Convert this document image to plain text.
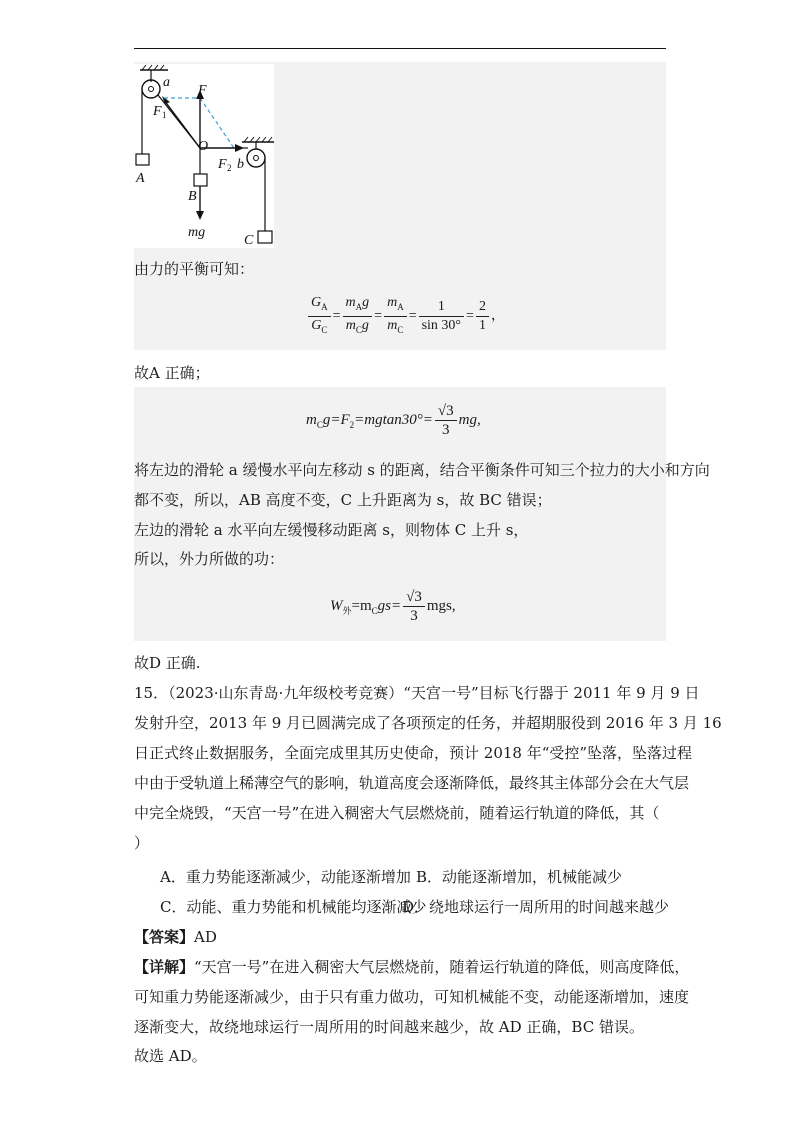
a
F
F 1
O
F 2 b
A
B
mg
C
由力的平衡可知：
$\frac{G_A}{G_C} = \frac{m_Ag}{m_Cg} = \frac{m_A}{m_C} = \frac{1}{\sin 30^\circ} = \frac{2}{1}$ ，
故A 正确；
$m_Cg=F_2=mgtan30^\circ= \frac{√3}{3}$ mg,
将左边的滑轮 a 缓慢水平向左移动 s 的距离，结合平衡条件可知三个拉力的大小和方向
都不变，所以，AB 高度不变，C 上升距离为 s，故 BC 错误；
左边的滑轮 a 水平向左缓慢移动距离 s，则物体 C 上升 s，
所以，外力所做的功：
$W_外=m_Cgs= \frac{√3}{3}$ mgs,
故D 正确.
15．（2023·山东青岛·九年级校考竞赛）“天宫一号”目标飞行器于 2011 年 9 月 9 日
发射升空，2013 年 9 月已圆满完成了各项预定的任务，并超期服役到 2016 年 3 月 16
日正式终止数据服务，全面完成里其历史使命，预计 2018 年“受控”坠落，坠落过程
中由于受轨道上稀薄空气的影响，轨道高度会逐渐降低，最终其主体部分会在大气层
中完全烧毁，“天宫一号”在进入稠密大气层燃烧前，随着运行轨道的降低，其（
）
A．重力势能逐渐减少，动能逐渐增加 B．动能逐渐增加，机械能减少
C．动能、重力势能和机械能均逐渐减少
D．绕地球运行一周所用的时间越来越少
【答案】AD
【详解】“天宫一号”在进入稠密大气层燃烧前，随着运行轨道的降低，则高度降低，
可知重力势能逐渐减少，由于只有重力做功，可知机械能不变，动能逐渐增加，速度
逐渐变大，故绕地球运行一周所用的时间越来越少，故 AD 正确，BC 错误。
故选 AD。
